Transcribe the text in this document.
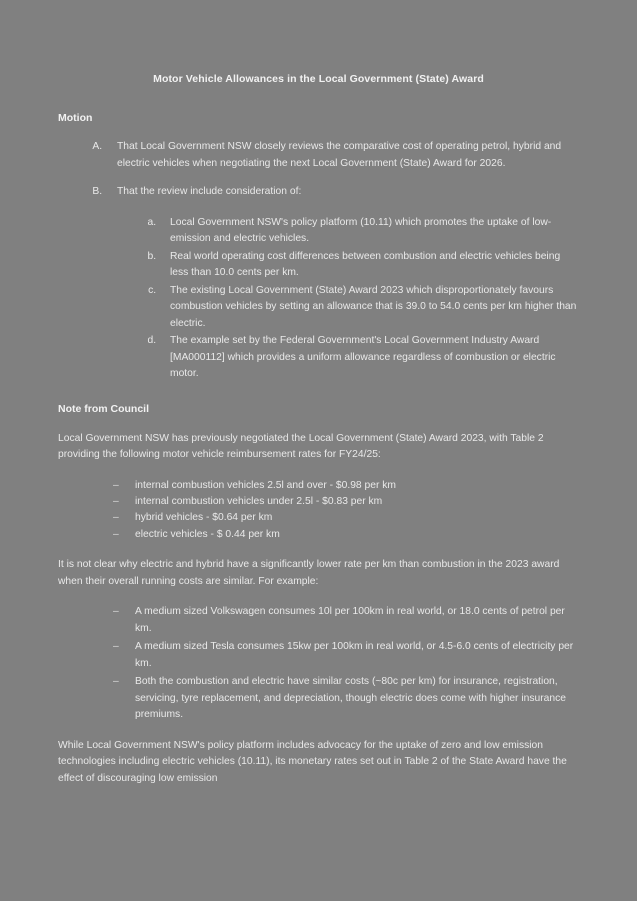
Motor Vehicle Allowances in the Local Government (State) Award
Motion
A. That Local Government NSW closely reviews the comparative cost of operating petrol, hybrid and electric vehicles when negotiating the next Local Government (State) Award for 2026.
B. That the review include consideration of:
a. Local Government NSW's policy platform (10.11) which promotes the uptake of low-emission and electric vehicles.
b. Real world operating cost differences between combustion and electric vehicles being less than 10.0 cents per km.
c. The existing Local Government (State) Award 2023 which disproportionately favours combustion vehicles by setting an allowance that is 39.0 to 54.0 cents per km higher than electric.
d. The example set by the Federal Government's Local Government Industry Award [MA000112] which provides a uniform allowance regardless of combustion or electric motor.
Note from Council

Local Government NSW has previously negotiated the Local Government (State) Award 2023, with Table 2 providing the following motor vehicle reimbursement rates for FY24/25:

– internal combustion vehicles 2.5l and over - $0.98 per km
– internal combustion vehicles under 2.5l - $0.83 per km
– hybrid vehicles - $0.64 per km
– electric vehicles - $ 0.44 per km

It is not clear why electric and hybrid have a significantly lower rate per km than combustion in the 2023 award when their overall running costs are similar. For example:

– A medium sized Volkswagen consumes 10l per 100km in real world, or 18.0 cents of petrol per km.
– A medium sized Tesla consumes 15kw per 100km in real world, or 4.5-6.0 cents of electricity per km.
– Both the combustion and electric have similar costs (~80c per km) for insurance, registration, servicing, tyre replacement, and depreciation, though electric does come with higher insurance premiums.

While Local Government NSW's policy platform includes advocacy for the uptake of zero and low emission technologies including electric vehicles (10.11), its monetary rates set out in Table 2 of the State Award have the effect of discouraging low emission
